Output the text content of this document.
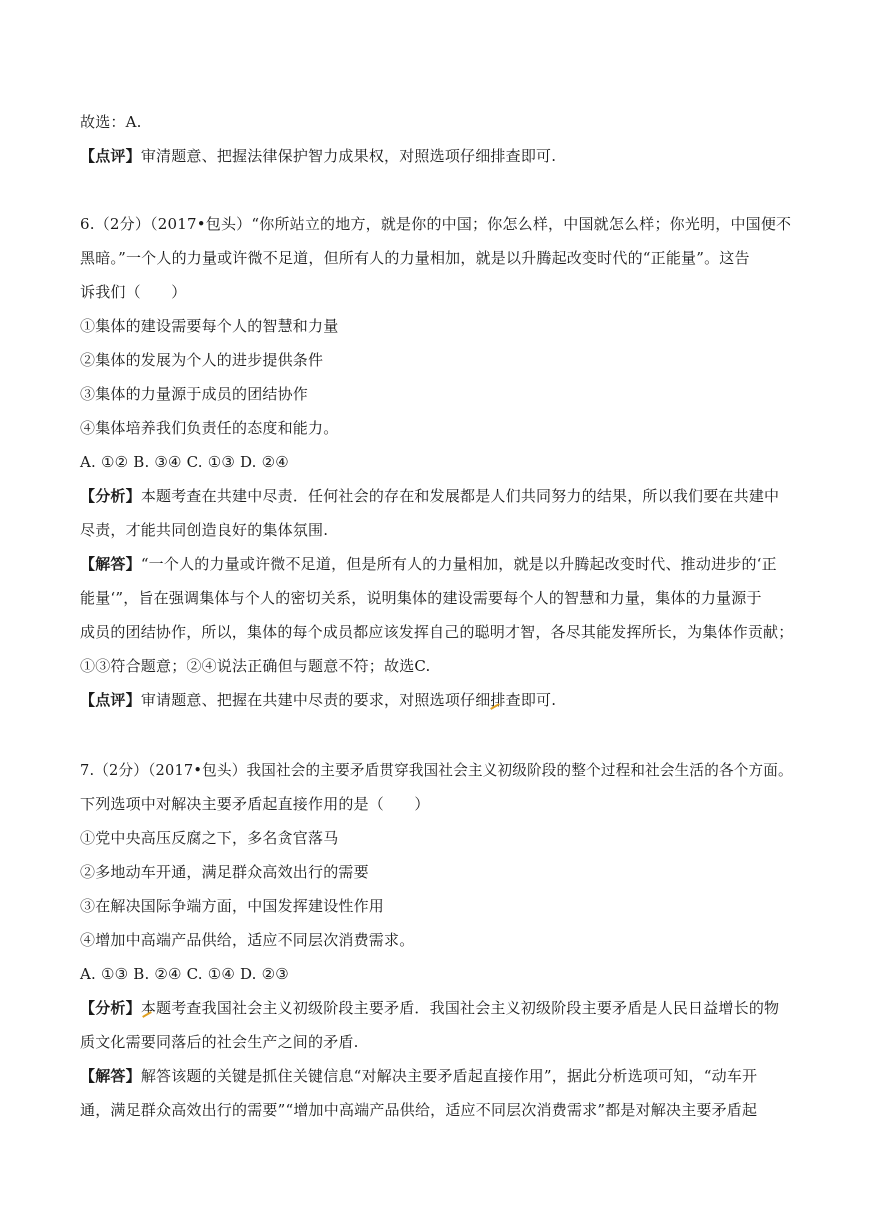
故选：A.
【点评】审清题意、把握法律保护智力成果权，对照选项仔细排查即可.
6.（2分）（2017•包头）“你所站立的地方，就是你的中国；你怎么样，中国就怎么样；你光明，中国便不
黑暗。”一个人的力量或许微不足道，但所有人的力量相加，就是以升腾起改变时代的“正能量”。这告
诉我们（　　）
①集体的建设需要每个人的智慧和力量
②集体的发展为个人的进步提供条件
③集体的力量源于成员的团结协作
④集体培养我们负责任的态度和能力。
A. ①② B. ③④ C. ①③ D. ②④
【分析】本题考查在共建中尽责．任何社会的存在和发展都是人们共同努力的结果，所以我们要在共建中
尽责，才能共同创造良好的集体氛围.
【解答】“一个人的力量或许微不足道，但是所有人的力量相加，就是以升腾起改变时代、推动进步的‘正
能量‘”，旨在强调集体与个人的密切关系，说明集体的建设需要每个人的智慧和力量，集体的力量源于
成员的团结协作，所以，集体的每个成员都应该发挥自己的聪明才智，各尽其能发挥所长，为集体作贡献；
①③符合题意；②④说法正确但与题意不符；故选C.
【点评】审请题意、把握在共建中尽责的要求，对照选项仔细排查即可.
7.（2分）（2017•包头）我国社会的主要矛盾贯穿我国社会主义初级阶段的整个过程和社会生活的各个方面。
下列选项中对解决主要矛盾起直接作用的是（　　）
①党中央高压反腐之下，多名贪官落马
②多地动车开通，满足群众高效出行的需要
③在解决国际争端方面，中国发挥建设性作用
④增加中高端产品供给，适应不同层次消费需求。
A. ①③ B. ②④ C. ①④ D. ②③
【分析】本题考查我国社会主义初级阶段主要矛盾．我国社会主义初级阶段主要矛盾是人民日益增长的物
质文化需要同落后的社会生产之间的矛盾.
【解答】解答该题的关键是抓住关键信息“对解决主要矛盾起直接作用”，据此分析选项可知，“动车开
通，满足群众高效出行的需要”“增加中高端产品供给，适应不同层次消费需求”都是对解决主要矛盾起
